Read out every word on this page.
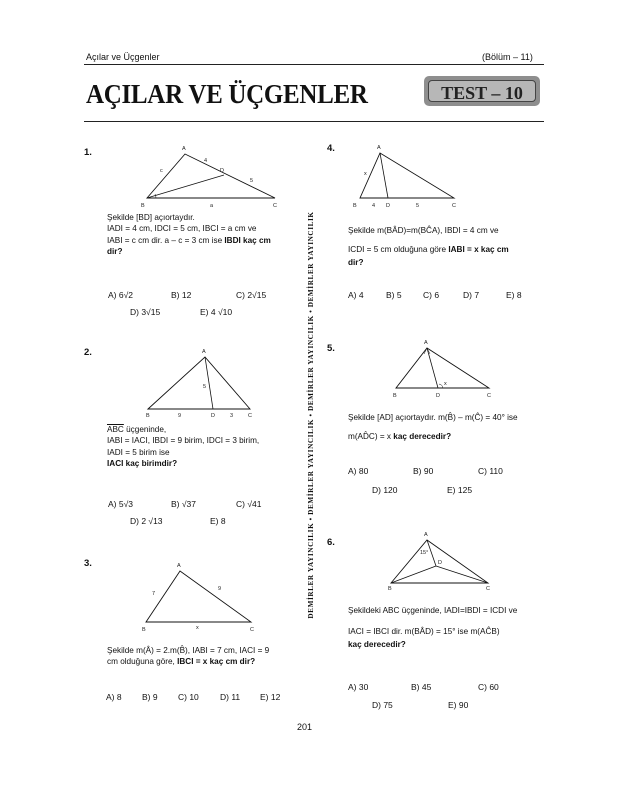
Açılar ve Üçgenler	(Bölüm – 11)
AÇILAR VE ÜÇGENLER	TEST – 10
DEMİRLER YAYINCILIK • DEMİRLER YAYINCILIK • DEMİRLER YAYINCILIK • DEMİRLER YAYINCILIK
1.	A
B	C
D
c
4
5
a
Şekilde [BD] açıortaydır.
IADI = 4 cm, IDCI = 5 cm, IBCI = a cm ve
IABI = c cm dir. a – c = 3 cm ise IBDI kaç cm
dir?
A) 6√2	B) 12	C) 2√15
D) 3√15	E) 4 √10
2.	A
B	C
D
9	3
5
$\overline{ABC}$ üçgeninde,
IABI = IACI, IBDI = 9 birim, IDCI = 3 birim,
IADI = 5 birim ise
IACI kaç birimdir?
A) 5√3	B) √37	C) √41
D) 2 √13	E) 8
3.	A
B	C
7
9
x
Şekilde m(Â) = 2.m(B̂), IABI = 7 cm, IACI = 9
cm olduğuna göre, IBCI = x kaç cm dir?
A) 8 B) 9 C) 10 D) 11 E) 12
4.	A
B	C
D
x
4	5
Şekilde m(BÂD)=m(BĈA), IBDI = 4 cm ve
ICDI = 5 cm olduğuna göre IABI = x kaç cm
dir?
A) 4	B) 5	C) 6	D) 7	E) 8
5.	A
B	C
D
x
Şekilde [AD] açıortaydır. m(B̂) – m(Ĉ) = 40° ise
m(AD̂C) = x kaç derecedir?
A) 80	B) 90	C) 110
D) 120	E) 125
6.
A
B	C
D
15°
Şekildeki ABC üçgeninde, IADI=IBDI = ICDI ve
IACI = IBCI dir. m(BÂD) = 15° ise m(AĈB)
kaç derecedir?
A) 30	B) 45	C) 60
D) 75	E) 90
201
